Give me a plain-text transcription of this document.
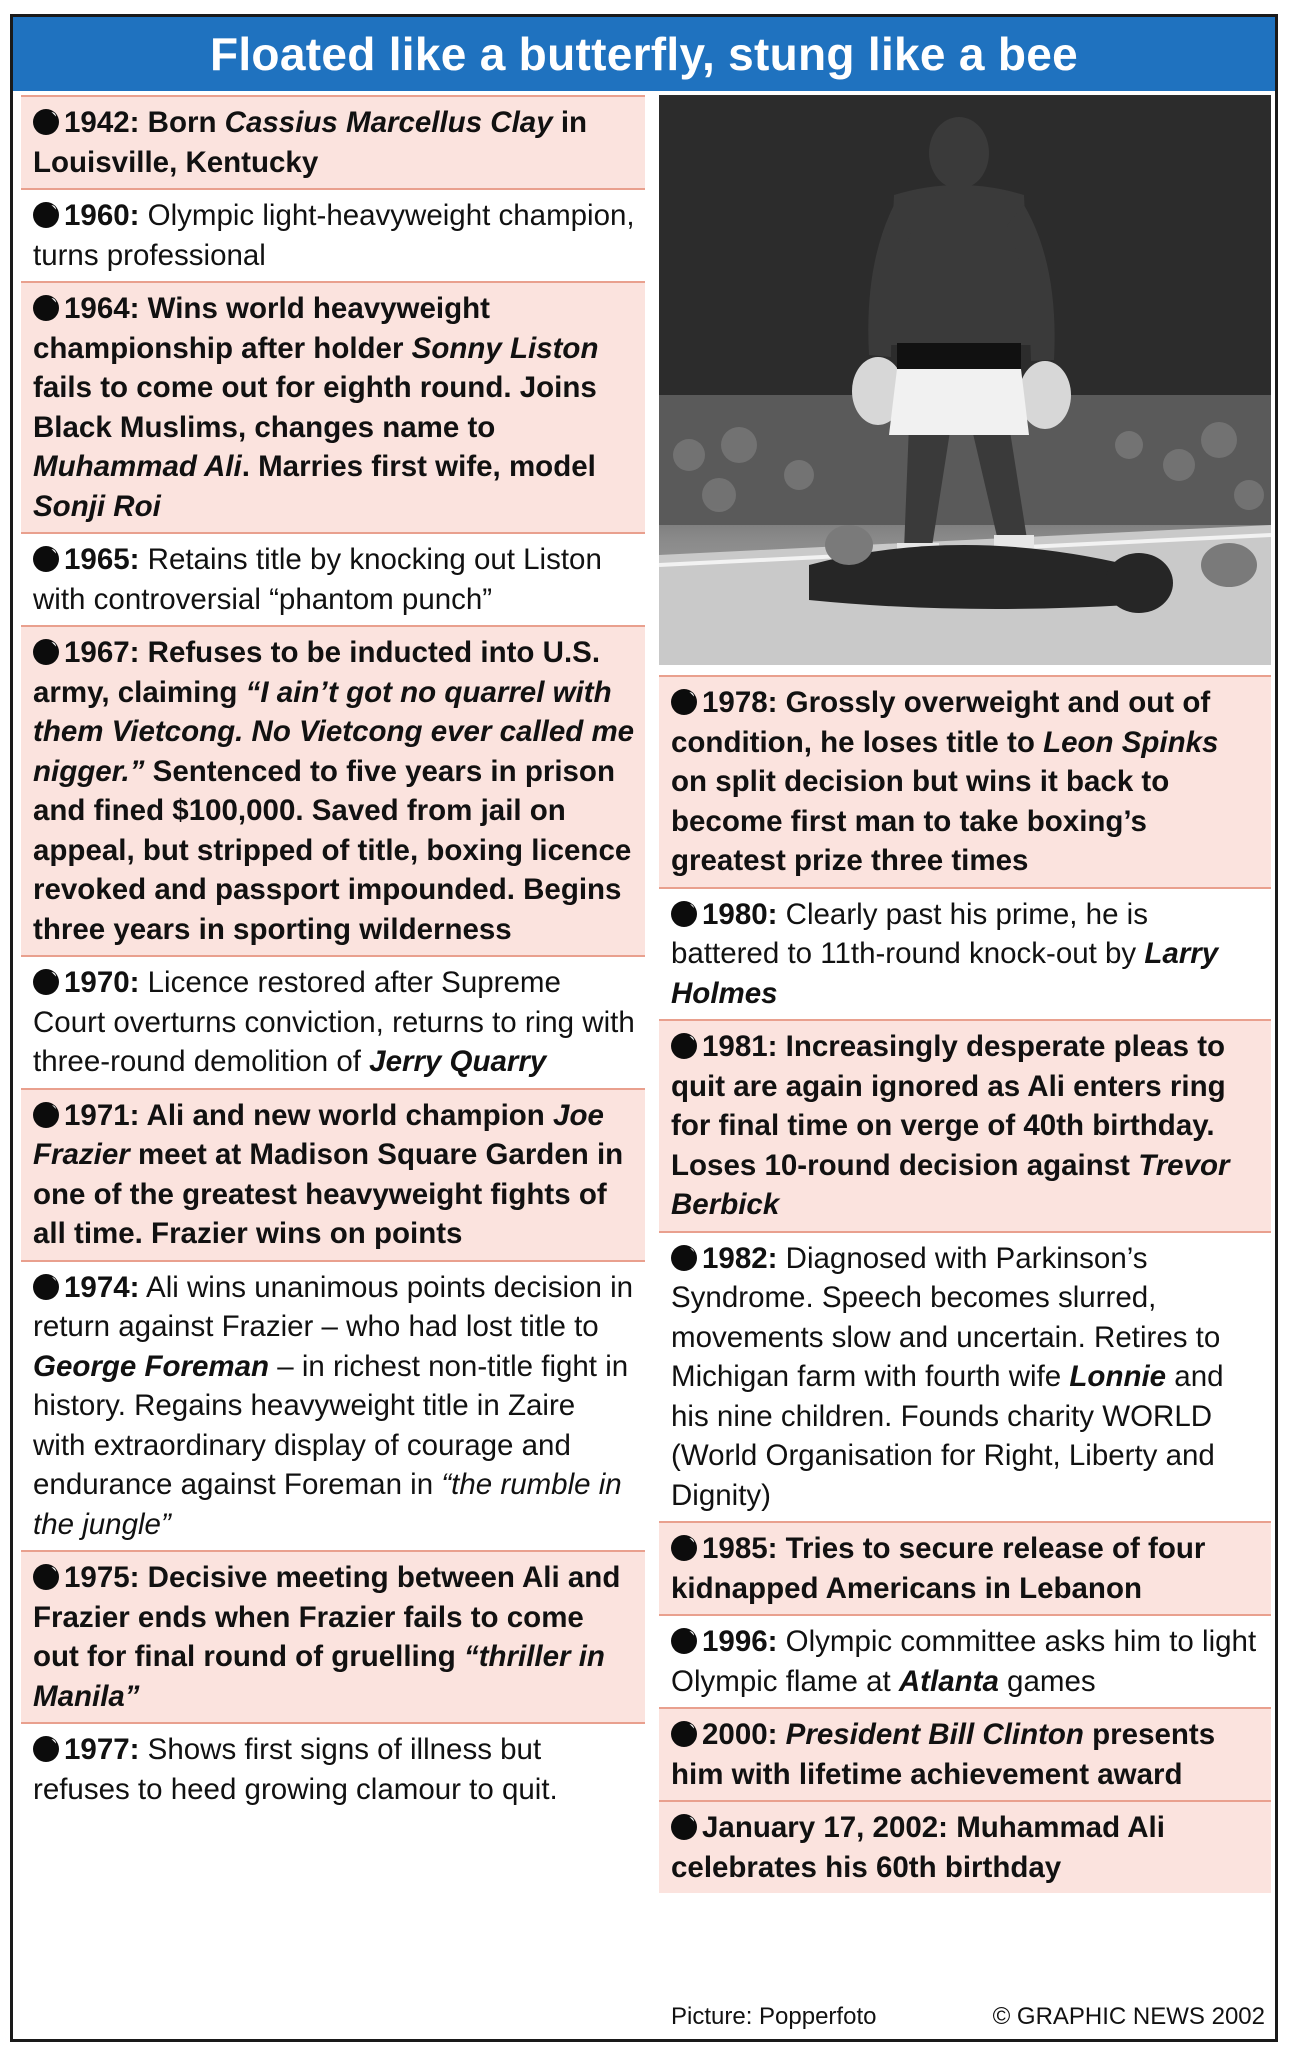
Floated like a butterfly, stung like a bee
1942: Born Cassius Marcellus Clay in Louisville, Kentucky
1960: Olympic light-heavyweight champion, turns professional
1964: Wins world heavyweight championship after holder Sonny Liston fails to come out for eighth round. Joins Black Muslims, changes name to Muhammad Ali. Marries first wife, model Sonji Roi
1965: Retains title by knocking out Liston with controversial “phantom punch”
1967: Refuses to be inducted into U.S. army, claiming “I ain’t got no quarrel with them Vietcong. No Vietcong ever called me nigger.” Sentenced to five years in prison and fined $100,000. Saved from jail on appeal, but stripped of title, boxing licence revoked and passport impounded. Begins three years in sporting wilderness
1970: Licence restored after Supreme Court overturns conviction, returns to ring with three-round demolition of Jerry Quarry
1971: Ali and new world champion Joe Frazier meet at Madison Square Garden in one of the greatest heavyweight fights of all time. Frazier wins on points
1974: Ali wins unanimous points decision in return against Frazier – who had lost title to George Foreman – in richest non-title fight in history. Regains heavyweight title in Zaire with extraordinary display of courage and endurance against Foreman in “the rumble in the jungle”
1975: Decisive meeting between Ali and Frazier ends when Frazier fails to come out for final round of gruelling “thriller in Manila”
1977: Shows first signs of illness but refuses to heed growing clamour to quit.
1978: Grossly overweight and out of condition, he loses title to Leon Spinks on split decision but wins it back to become first man to take boxing’s greatest prize three times
1980: Clearly past his prime, he is battered to 11th-round knock-out by Larry Holmes
1981: Increasingly desperate pleas to quit are again ignored as Ali enters ring for final time on verge of 40th birthday. Loses 10-round decision against Trevor Berbick
1982: Diagnosed with Parkinson’s Syndrome. Speech becomes slurred, movements slow and uncertain. Retires to Michigan farm with fourth wife Lonnie and his nine children. Founds charity WORLD (World Organisation for Right, Liberty and Dignity)
1985: Tries to secure release of four kidnapped Americans in Lebanon
1996: Olympic committee asks him to light Olympic flame at Atlanta games
2000: President Bill Clinton presents him with lifetime achievement award
January 17, 2002: Muhammad Ali celebrates his 60th birthday
Picture: Popperfoto	© GRAPHIC NEWS 2002
